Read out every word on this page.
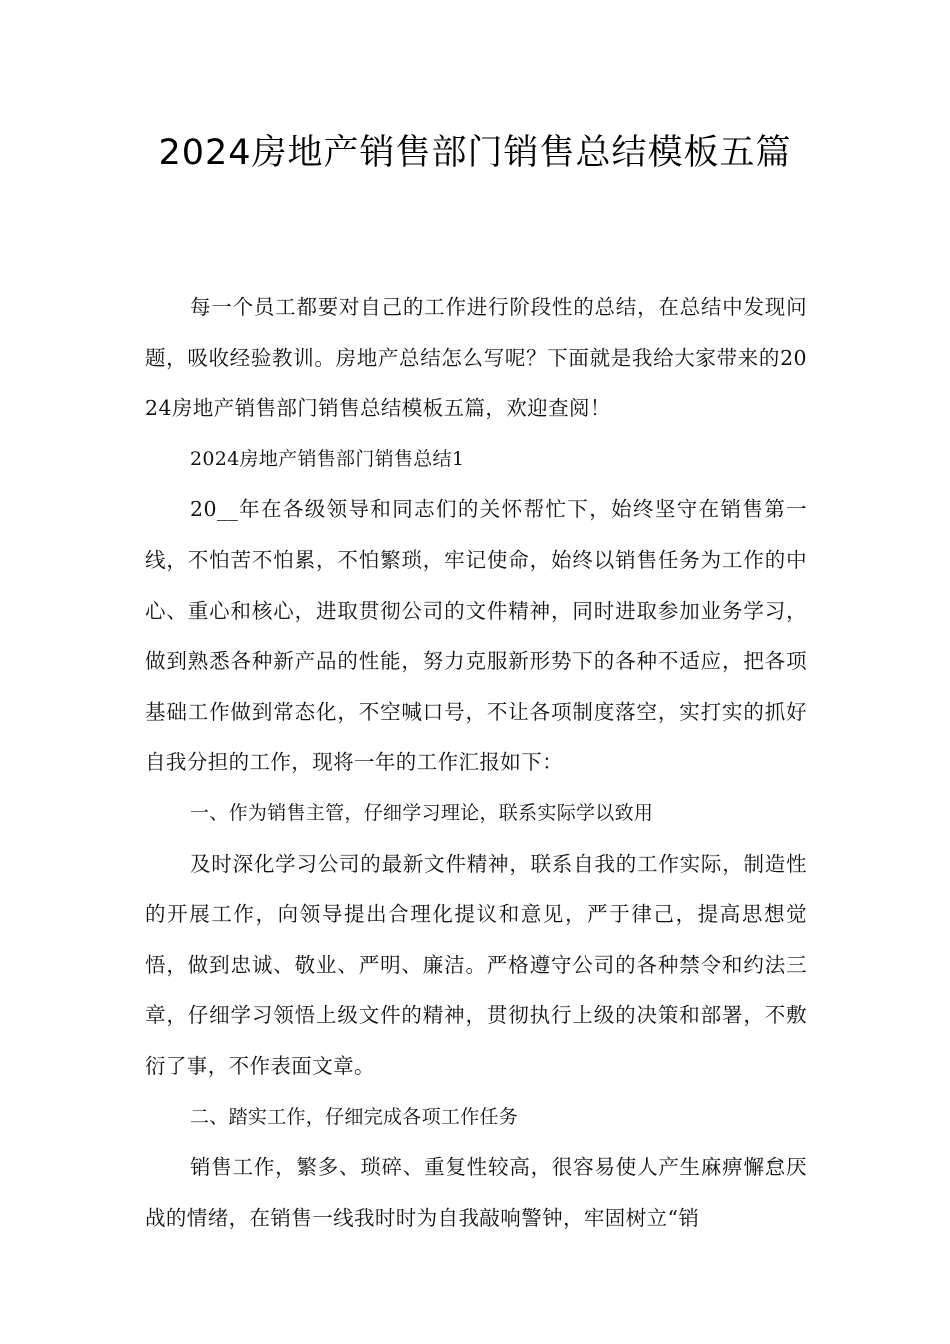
2024房地产销售部门销售总结模板五篇

每一个员工都要对自己的工作进行阶段性的总结，在总结中发现问题，吸收经验教训。房地产总结怎么写呢？下面就是我给大家带来的2024房地产销售部门销售总结模板五篇，欢迎查阅！

2024房地产销售部门销售总结1

20__年在各级领导和同志们的关怀帮忙下，始终坚守在销售第一线，不怕苦不怕累，不怕繁琐，牢记使命，始终以销售任务为工作的中心、重心和核心，进取贯彻公司的文件精神，同时进取参加业务学习，做到熟悉各种新产品的性能，努力克服新形势下的各种不适应，把各项基础工作做到常态化，不空喊口号，不让各项制度落空，实打实的抓好自我分担的工作，现将一年的工作汇报如下：

一、作为销售主管，仔细学习理论，联系实际学以致用

及时深化学习公司的最新文件精神，联系自我的工作实际，制造性的开展工作，向领导提出合理化提议和意见，严于律己，提高思想觉悟，做到忠诚、敬业、严明、廉洁。严格遵守公司的各种禁令和约法三章，仔细学习领悟上级文件的精神，贯彻执行上级的决策和部署，不敷衍了事，不作表面文章。

二、踏实工作，仔细完成各项工作任务

销售工作，繁多、琐碎、重复性较高，很容易使人产生麻痹懈怠厌战的情绪，在销售一线我时时为自我敲响警钟，牢固树立“销
